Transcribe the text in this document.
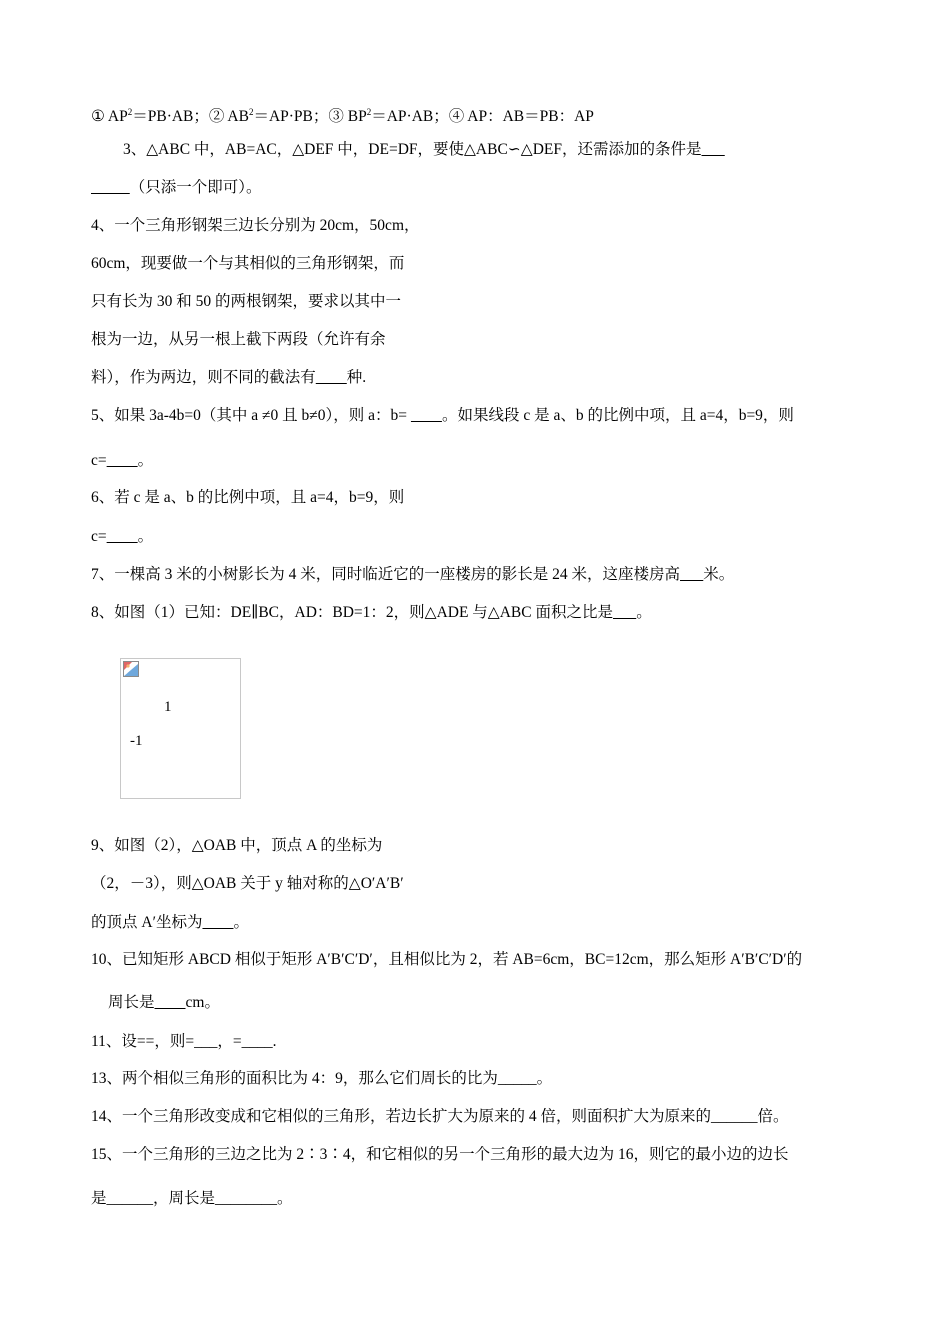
① $AP^2=PB\cdot AB$；② $AB^2=AP\cdot PB$；③ $BP^2=AP\cdot AB$；④ AP：AB＝PB：AP
3、△ABC 中，AB=AC，△DEF 中，DE=DF，要使△ABC∽△DEF，还需添加的条件是   
     （只添一个即可）。
4、一个三角形钢架三边长分别为 20cm，50cm，
60cm，现要做一个与其相似的三角形钢架，而
只有长为 30 和 50 的两根钢架，要求以其中一
根为一边，从另一根上截下两段（允许有余
料），作为两边，则不同的截法有     种.
5、如果 3a-4b=0（其中 a ≠0 且 b≠0），则 a：b=     。如果线段 c 是 a、b 的比例中项，且 a=4，b=9，则
c=     。
6、若 c 是 a、b 的比例中项，且 a=4，b=9，则
c=     。
7、一棵高 3 米的小树影长为 4 米，同时临近它的一座楼房的影长是 24 米，这座楼房高    米。
8、如图（1）已知：DE∥BC，AD：BD=1：2，则△ADE 与△ABC 面积之比是    。
1
-1
9、如图（2），△OAB 中，顶点 A 的坐标为
（2，－3），则△OAB 关于 y 轴对称的△O′A′B′
的顶点 A′坐标为     。
10、已知矩形 ABCD 相似于矩形 A′B′C′D′，且相似比为 2，若 AB=6cm，BC=12cm，那么矩形 A′B′C′D′的
周长是     cm。
11、设==，则=___，=____.
13、两个相似三角形的面积比为 4：9，那么它们周长的比为_____。
14、一个三角形改变成和它相似的三角形，若边长扩大为原来的 4 倍，则面积扩大为原来的______倍。
15、一个三角形的三边之比为 2∶3∶4，和它相似的另一个三角形的最大边为 16，则它的最小边的边长
是______，周长是________。
